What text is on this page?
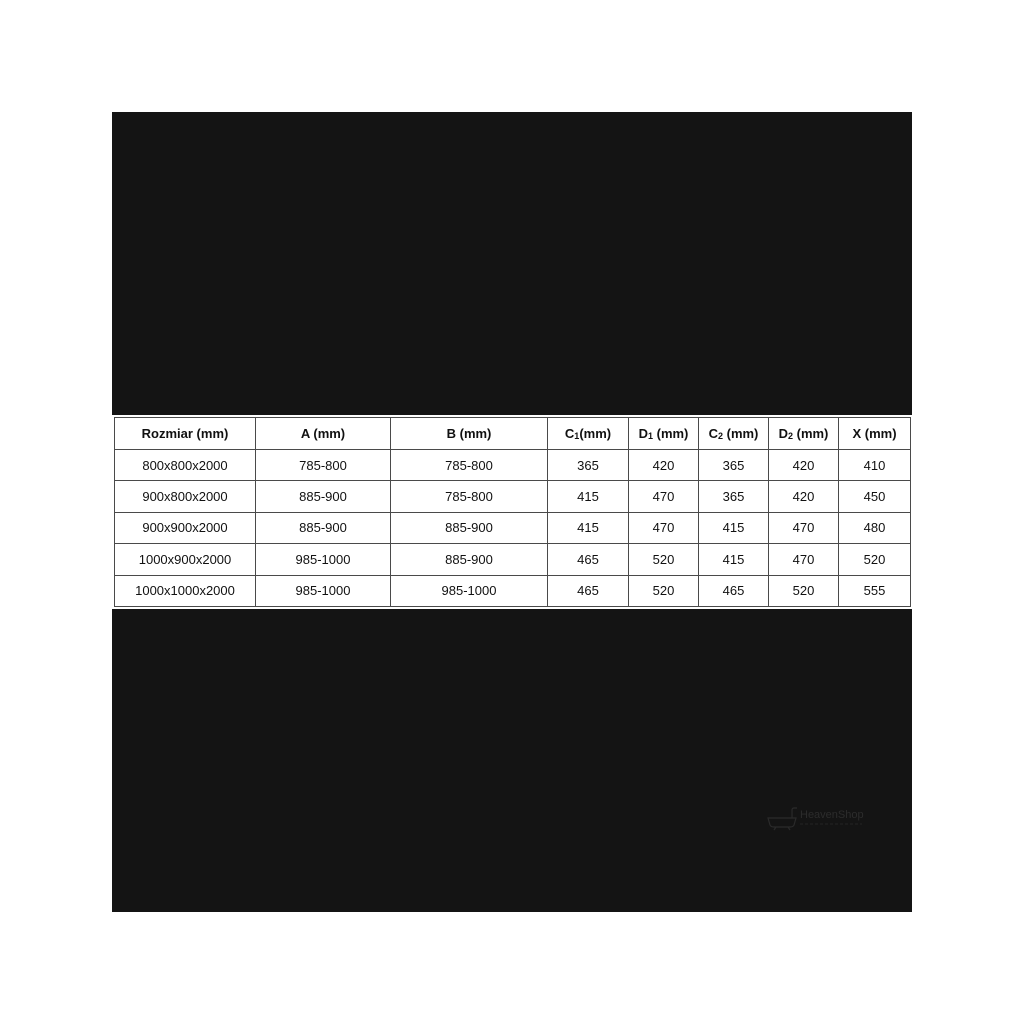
Rozmiar (mm)	A (mm)	B (mm)	$C_1(mm)$	$D_1$ (mm)	$C_2$ (mm)	$D_2$ (mm)	X (mm)
800x800x2000	785-800	785-800	365	420	365	420	410
900x800x2000	885-900	785-800	415	470	365	420	450
900x900x2000	885-900	885-900	415	470	415	470	480
1000x900x2000	985-1000	885-900	465	520	415	470	520
1000x1000x2000	985-1000	985-1000	465	520	465	520	555
HeavenShop
